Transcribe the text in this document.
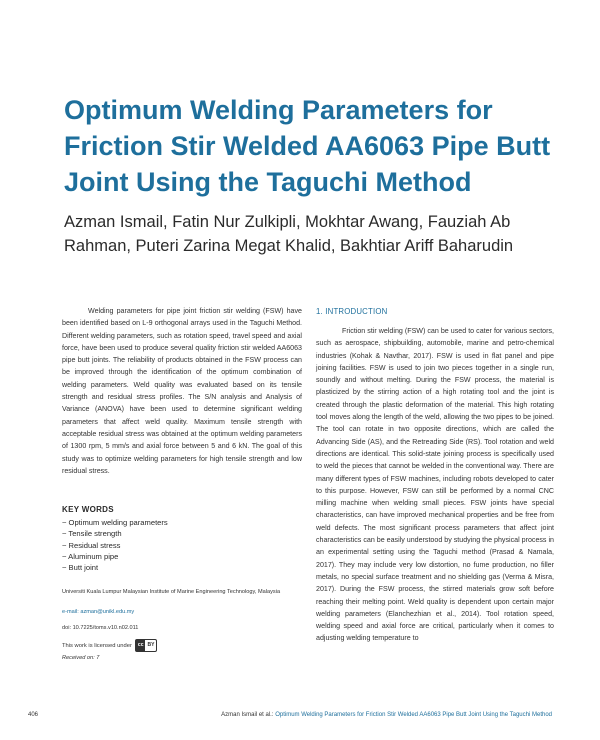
Optimum Welding Parameters for Friction Stir Welded AA6063 Pipe Butt Joint Using the Taguchi Method

Azman Ismail, Fatin Nur Zulkipli, Mokhtar Awang, Fauziah Ab Rahman, Puteri Zarina Megat Khalid, Bakhtiar Ariff Baharudin

Welding parameters for pipe joint friction stir welding (FSW) have been identified based on L-9 orthogonal arrays used in the Taguchi Method. Different welding parameters, such as rotation speed, travel speed and axial force, have been used to produce several quality friction stir welded AA6063 pipe butt joints. The reliability of products obtained in the FSW process can be improved through the identification of the optimum combination of welding parameters. Weld quality was evaluated based on its tensile strength and residual stress profiles. The S/N analysis and Analysis of Variance (ANOVA) have been used to determine significant welding parameters that affect weld quality. Maximum tensile strength with acceptable residual stress was obtained at the optimum welding parameters of 1300 rpm, 5 mm/s and axial force between 5 and 6 kN. The goal of this study was to optimize welding parameters for high tensile strength and low residual stress.

KEY WORDS
~ Optimum welding parameters
~ Tensile strength
~ Residual stress
~ Aluminum pipe
~ Butt joint
Universiti Kuala Lumpur Malaysian Institute of Marine Engineering Technology, Malaysia
e-mail: azman@unikl.edu.my
doi: 10.7225/toms.v10.n02.011
This work is licensed under	cc BY
Received on: 7
1. INTRODUCTION

Friction stir welding (FSW) can be used to cater for various sectors, such as aerospace, shipbuilding, automobile, marine and petro-chemical industries (Kohak & Navthar, 2017). FSW is used in flat panel and pipe joining facilities. FSW is used to join two pieces together in a single run, soundly and without melting. During the FSW process, the material is plasticized by the stirring action of a high rotating tool and the joint is created through the plastic deformation of the material. This high rotating tool moves along the length of the weld, allowing the two pipes to be joined. The tool can rotate in two opposite directions, which are called the Advancing Side (AS), and the Retreading Side (RS). Tool rotation and weld directions are identical. This solid-state joining process is specifically used to weld the pieces that cannot be welded in the conventional way. There are many different types of FSW machines, including robots developed to cater to this purpose. However, FSW can still be performed by a normal CNC milling machine when welding small pieces. FSW joints have special characteristics, can have improved mechanical properties and be free from weld defects. The most significant process parameters that affect joint characteristics can be easily understood by studying the physical process in an experimental setting using the Taguchi method (Prasad & Namala, 2017). They may include very low distortion, no fume production, no filler metals, no special surface treatment and no shielding gas (Verma & Misra, 2017). During the FSW process, the stirred materials grow soft before reaching their melting point. Weld quality is dependent upon certain major welding parameters (Elanchezhian et al., 2014). Tool rotation speed, welding speed and axial force are critical, particularly when it comes to adjusting welding temperature to

406	Azman Ismail et al.: Optimum Welding Parameters for Friction Stir Welded AA6063 Pipe Butt Joint Using the Taguchi Method
